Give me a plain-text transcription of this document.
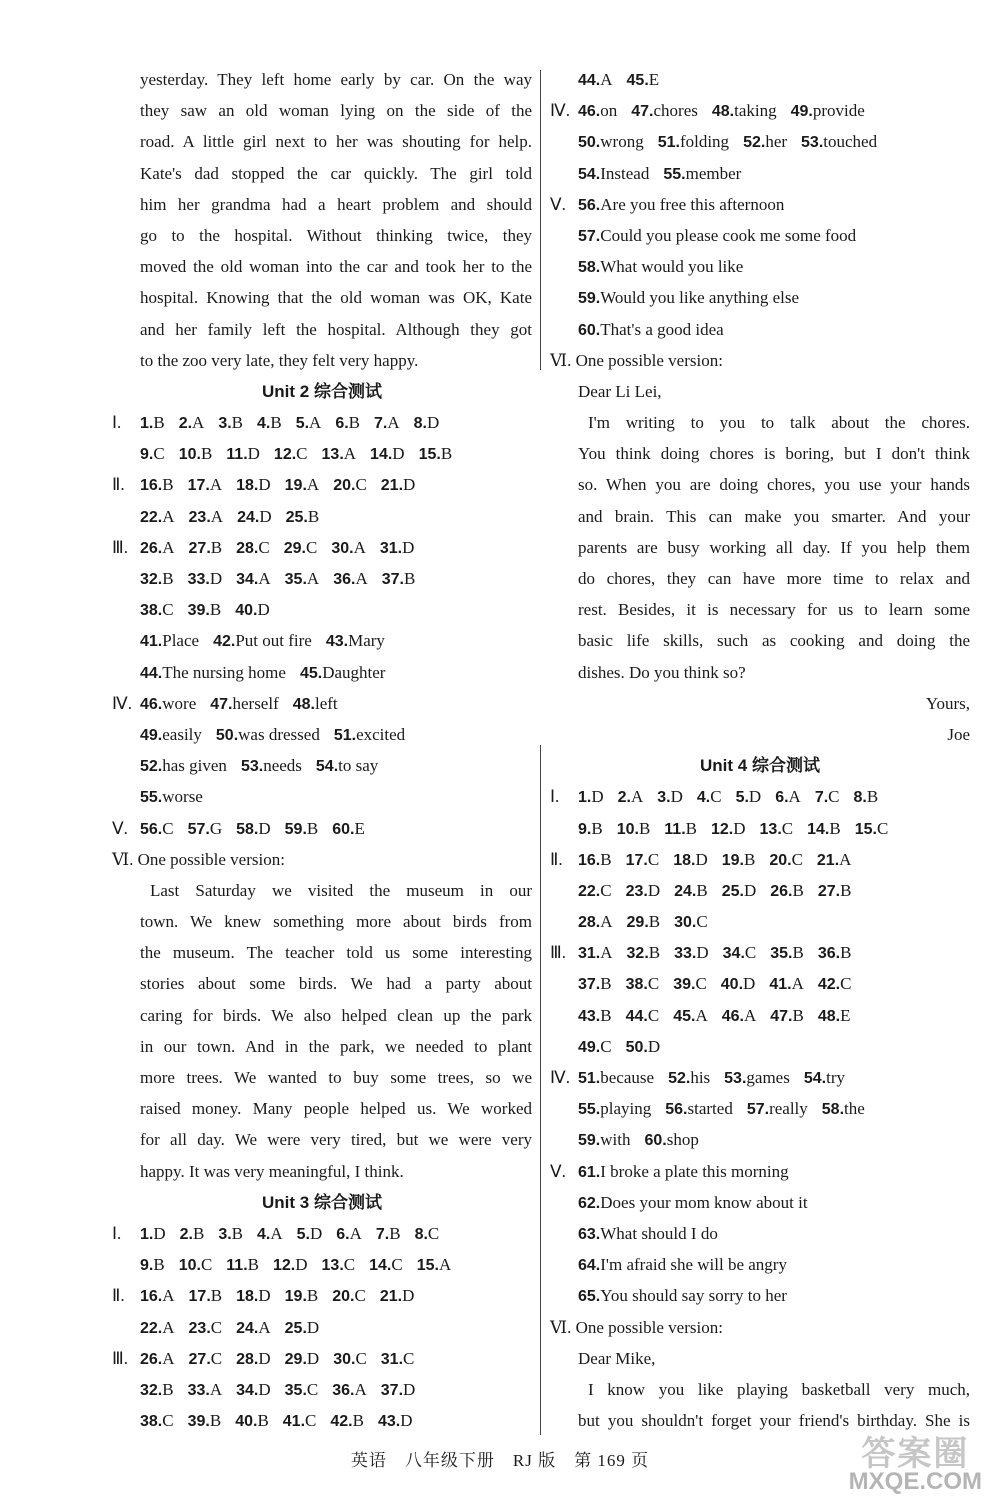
yesterday. They left home early by car. On the way
they saw an old woman lying on the side of the
road. A little girl next to her was shouting for help.
Kate's dad stopped the car quickly. The girl told
him her grandma had a heart problem and should
go to the hospital. Without thinking twice, they
moved the old woman into the car and took her to the
hospital. Knowing that the old woman was OK, Kate
and her family left the hospital. Although they got
to the zoo very late, they felt very happy.
Unit 2 综合测试
Ⅰ. 1.B 2.A 3.B 4.B 5.A 6.B 7.A 8.D
9.C 10.B 11.D 12.C 13.A 14.D 15.B
Ⅱ. 16.B 17.A 18.D 19.A 20.C 21.D
22.A 23.A 24.D 25.B
Ⅲ. 26.A 27.B 28.C 29.C 30.A 31.D
32.B 33.D 34.A 35.A 36.A 37.B
38.C 39.B 40.D
41.Place 42.Put out fire 43.Mary
44.The nursing home 45.Daughter
Ⅳ. 46.wore 47.herself 48.left
49.easily 50.was dressed 51.excited
52.has given 53.needs 54.to say
55.worse
Ⅴ. 56.C 57.G 58.D 59.B 60.E
Ⅵ. One possible version:
Last Saturday we visited the museum in our
town. We knew something more about birds from
the museum. The teacher told us some interesting
stories about some birds. We had a party about
caring for birds. We also helped clean up the park
in our town. And in the park, we needed to plant
more trees. We wanted to buy some trees, so we
raised money. Many people helped us. We worked
for all day. We were very tired, but we were very
happy. It was very meaningful, I think.
Unit 3 综合测试
Ⅰ. 1.D 2.B 3.B 4.A 5.D 6.A 7.B 8.C
9.B 10.C 11.B 12.D 13.C 14.C 15.A
Ⅱ. 16.A 17.B 18.D 19.B 20.C 21.D
22.A 23.C 24.A 25.D
Ⅲ. 26.A 27.C 28.D 29.D 30.C 31.C
32.B 33.A 34.D 35.C 36.A 37.D
38.C 39.B 40.B 41.C 42.B 43.D
44.A 45.E
Ⅳ. 46.on 47.chores 48.taking 49.provide
50.wrong 51.folding 52.her 53.touched
54.Instead 55.member
Ⅴ. 56.Are you free this afternoon
57.Could you please cook me some food
58.What would you like
59.Would you like anything else
60.That's a good idea
Ⅵ. One possible version:
Dear Li Lei,
I'm writing to you to talk about the chores.
You think doing chores is boring, but I don't think
so. When you are doing chores, you use your hands
and brain. This can make you smarter. And your
parents are busy working all day. If you help them
do chores, they can have more time to relax and
rest. Besides, it is necessary for us to learn some
basic life skills, such as cooking and doing the
dishes. Do you think so?
Yours,
Joe
Unit 4 综合测试
Ⅰ. 1.D 2.A 3.D 4.C 5.D 6.A 7.C 8.B
9.B 10.B 11.B 12.D 13.C 14.B 15.C
Ⅱ. 16.B 17.C 18.D 19.B 20.C 21.A
22.C 23.D 24.B 25.D 26.B 27.B
28.A 29.B 30.C
Ⅲ. 31.A 32.B 33.D 34.C 35.B 36.B
37.B 38.C 39.C 40.D 41.A 42.C
43.B 44.C 45.A 46.A 47.B 48.E
49.C 50.D
Ⅳ. 51.because 52.his 53.games 54.try
55.playing 56.started 57.really 58.the
59.with 60.shop
Ⅴ. 61.I broke a plate this morning
62.Does your mom know about it
63.What should I do
64.I'm afraid she will be angry
65.You should say sorry to her
Ⅵ. One possible version:
Dear Mike,
I know you like playing basketball very much,
but you shouldn't forget your friend's birthday. She is
英语　八年级下册　RJ 版　第 169 页	答案圈
MXQE.COM
